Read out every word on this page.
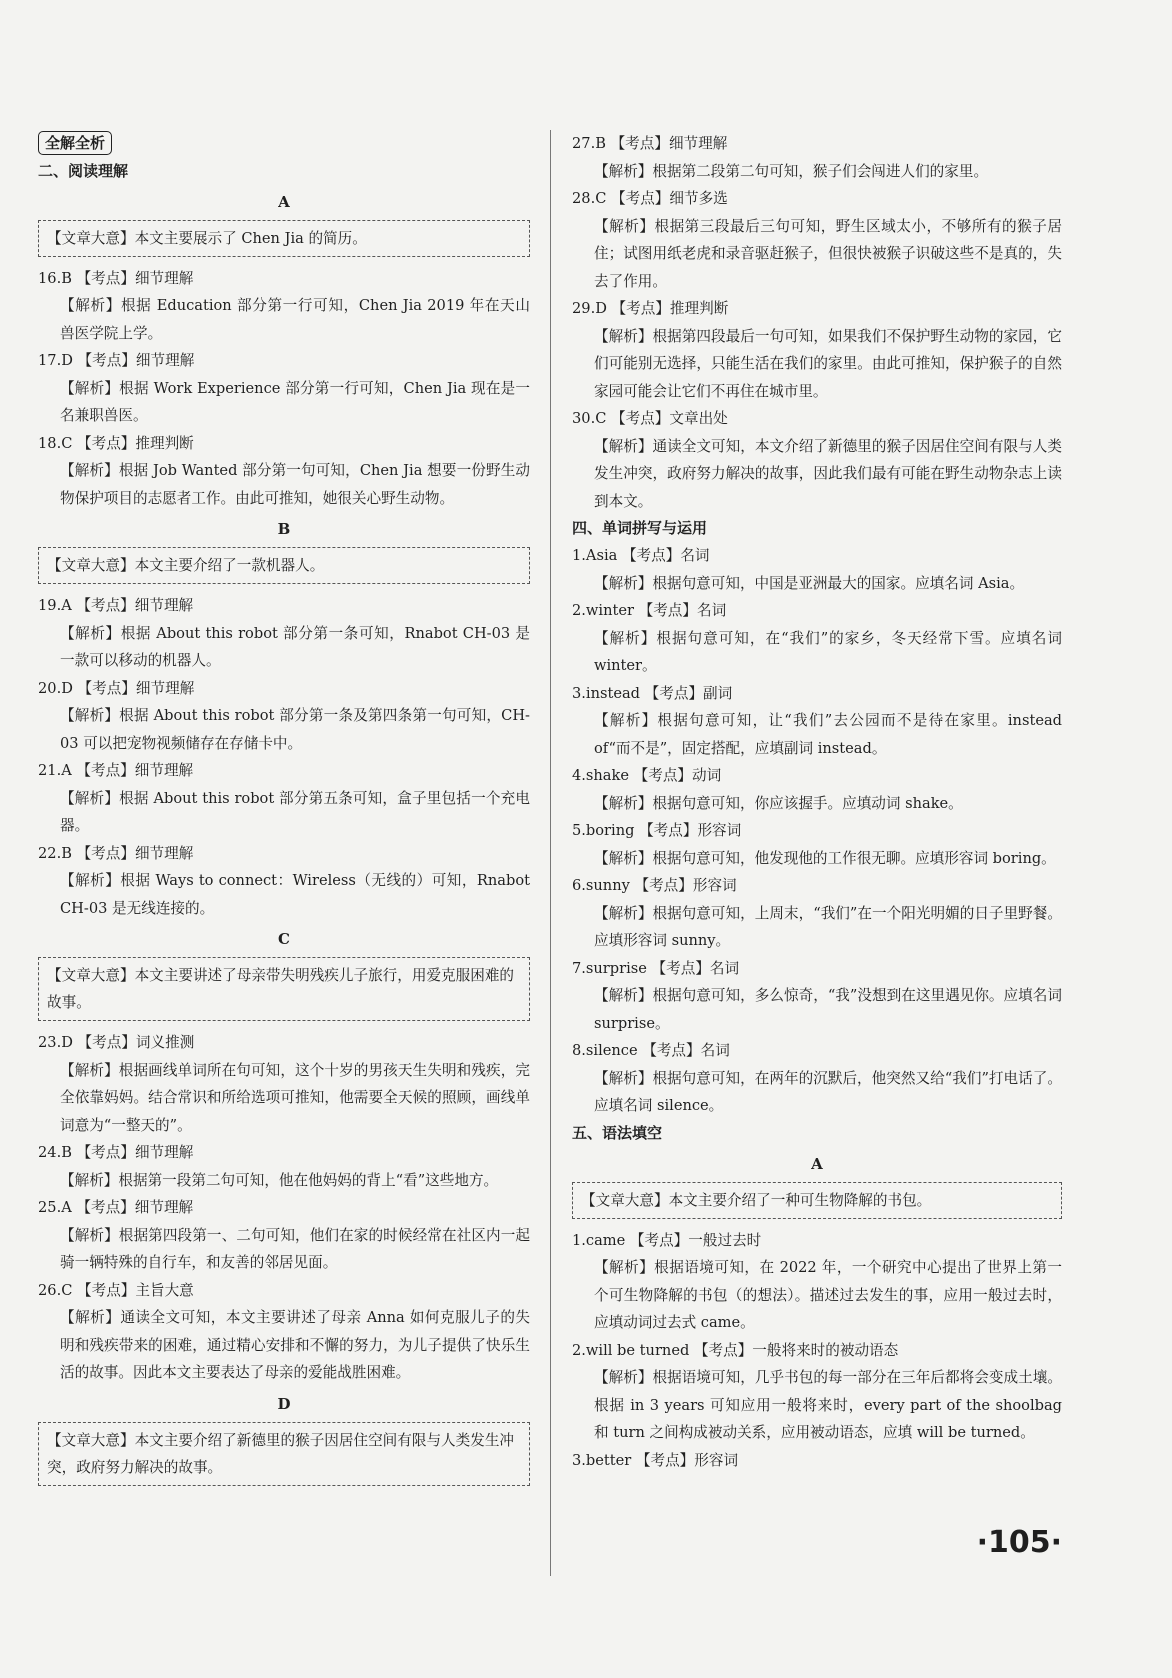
全解全析
二、阅读理解
A
【文章大意】本文主要展示了 Chen Jia 的简历。
16.B 【考点】细节理解
【解析】根据 Education 部分第一行可知，Chen Jia 2019 年在天山兽医学院上学。
17.D 【考点】细节理解
【解析】根据 Work Experience 部分第一行可知，Chen Jia 现在是一名兼职兽医。
18.C 【考点】推理判断
【解析】根据 Job Wanted 部分第一句可知，Chen Jia 想要一份野生动物保护项目的志愿者工作。由此可推知，她很关心野生动物。
B
【文章大意】本文主要介绍了一款机器人。
19.A 【考点】细节理解
【解析】根据 About this robot 部分第一条可知，Rnabot CH-03 是一款可以移动的机器人。
20.D 【考点】细节理解
【解析】根据 About this robot 部分第一条及第四条第一句可知，CH-03 可以把宠物视频储存在存储卡中。
21.A 【考点】细节理解
【解析】根据 About this robot 部分第五条可知，盒子里包括一个充电器。
22.B 【考点】细节理解
【解析】根据 Ways to connect：Wireless（无线的）可知，Rnabot CH-03 是无线连接的。
C
【文章大意】本文主要讲述了母亲带失明残疾儿子旅行，用爱克服困难的故事。
23.D 【考点】词义推测
【解析】根据画线单词所在句可知，这个十岁的男孩天生失明和残疾，完全依靠妈妈。结合常识和所给选项可推知，他需要全天候的照顾，画线单词意为“一整天的”。
24.B 【考点】细节理解
【解析】根据第一段第二句可知，他在他妈妈的背上“看”这些地方。
25.A 【考点】细节理解
【解析】根据第四段第一、二句可知，他们在家的时候经常在社区内一起骑一辆特殊的自行车，和友善的邻居见面。
26.C 【考点】主旨大意
【解析】通读全文可知，本文主要讲述了母亲 Anna 如何克服儿子的失明和残疾带来的困难，通过精心安排和不懈的努力，为儿子提供了快乐生活的故事。因此本文主要表达了母亲的爱能战胜困难。
D
【文章大意】本文主要介绍了新德里的猴子因居住空间有限与人类发生冲突，政府努力解决的故事。
27.B 【考点】细节理解
【解析】根据第二段第二句可知，猴子们会闯进人们的家里。
28.C 【考点】细节多选
【解析】根据第三段最后三句可知，野生区域太小，不够所有的猴子居住；试图用纸老虎和录音驱赶猴子，但很快被猴子识破这些不是真的，失去了作用。
29.D 【考点】推理判断
【解析】根据第四段最后一句可知，如果我们不保护野生动物的家园，它们可能别无选择，只能生活在我们的家里。由此可推知，保护猴子的自然家园可能会让它们不再住在城市里。
30.C 【考点】文章出处
【解析】通读全文可知，本文介绍了新德里的猴子因居住空间有限与人类发生冲突，政府努力解决的故事，因此我们最有可能在野生动物杂志上读到本文。
四、单词拼写与运用
1.Asia 【考点】名词
【解析】根据句意可知，中国是亚洲最大的国家。应填名词 Asia。
2.winter 【考点】名词
【解析】根据句意可知，在“我们”的家乡，冬天经常下雪。应填名词 winter。
3.instead 【考点】副词
【解析】根据句意可知，让“我们”去公园而不是待在家里。instead of“而不是”，固定搭配，应填副词 instead。
4.shake 【考点】动词
【解析】根据句意可知，你应该握手。应填动词 shake。
5.boring 【考点】形容词
【解析】根据句意可知，他发现他的工作很无聊。应填形容词 boring。
6.sunny 【考点】形容词
【解析】根据句意可知，上周末，“我们”在一个阳光明媚的日子里野餐。应填形容词 sunny。
7.surprise 【考点】名词
【解析】根据句意可知，多么惊奇，“我”没想到在这里遇见你。应填名词 surprise。
8.silence 【考点】名词
【解析】根据句意可知，在两年的沉默后，他突然又给“我们”打电话了。应填名词 silence。
五、语法填空
A
【文章大意】本文主要介绍了一种可生物降解的书包。
1.came 【考点】一般过去时
【解析】根据语境可知，在 2022 年，一个研究中心提出了世界上第一个可生物降解的书包（的想法）。描述过去发生的事，应用一般过去时，应填动词过去式 came。
2.will be turned 【考点】一般将来时的被动语态
【解析】根据语境可知，几乎书包的每一部分在三年后都将会变成土壤。根据 in 3 years 可知应用一般将来时，every part of the shoolbag 和 turn 之间构成被动关系，应用被动语态，应填 will be turned。
3.better 【考点】形容词
·105·
